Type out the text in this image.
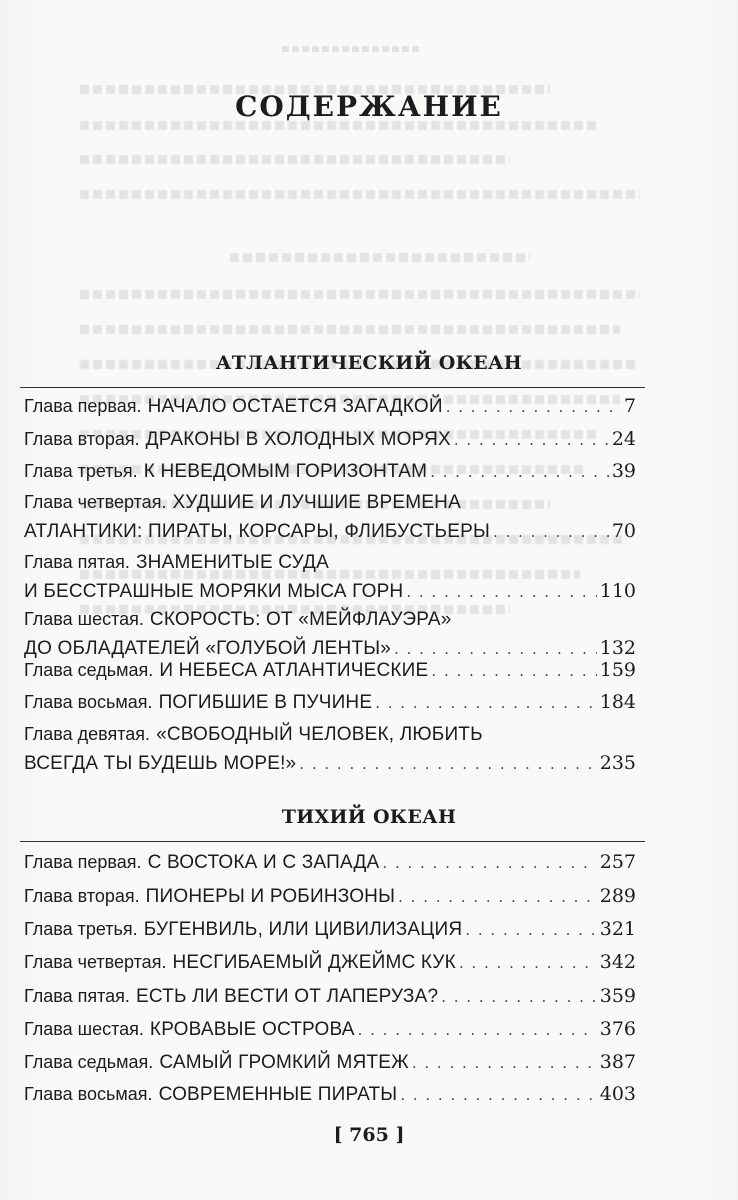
СОДЕРЖАНИЕ
АТЛАНТИЧЕСКИЙ ОКЕАН
Глава первая. НАЧАЛО ОСТАЕТСЯ ЗАГАДКОЙ . . .	7
Глава вторая. ДРАКОНЫ В ХОЛОДНЫХ МОРЯХ . . .	24
Глава третья. К НЕВЕДОМЫМ ГОРИЗОНТАМ . . .	39
Глава четвертая. ХУДШИЕ И ЛУЧШИЕ ВРЕМЕНА
АТЛАНТИКИ: ПИРАТЫ, КОРСАРЫ, ФЛИБУСТЬЕРЫ . . .	70
Глава пятая. ЗНАМЕНИТЫЕ СУДА
И БЕССТРАШНЫЕ МОРЯКИ МЫСА ГОРН . . .	110
Глава шестая. СКОРОСТЬ: ОТ «МЕЙФЛАУЭРА»
ДО ОБЛАДАТЕЛЕЙ «ГОЛУБОЙ ЛЕНТЫ» . . .	132
Глава седьмая. И НЕБЕСА АТЛАНТИЧЕСКИЕ . . .	159
Глава восьмая. ПОГИБШИЕ В ПУЧИНЕ . . .	184
Глава девятая. «СВОБОДНЫЙ ЧЕЛОВЕК, ЛЮБИТЬ
ВСЕГДА ТЫ БУДЕШЬ МОРЕ!» . . .	235
ТИХИЙ ОКЕАН
Глава первая. С ВОСТОКА И С ЗАПАДА . . .	257
Глава вторая. ПИОНЕРЫ И РОБИНЗОНЫ . . .	289
Глава третья. БУГЕНВИЛЬ, ИЛИ ЦИВИЛИЗАЦИЯ . . .	321
Глава четвертая. НЕСГИБАЕМЫЙ ДЖЕЙМС КУК . . .	342
Глава пятая. ЕСТЬ ЛИ ВЕСТИ ОТ ЛАПЕРУЗА? . . .	359
Глава шестая. КРОВАВЫЕ ОСТРОВА . . .	376
Глава седьмая. САМЫЙ ГРОМКИЙ МЯТЕЖ . . .	387
Глава восьмая. СОВРЕМЕННЫЕ ПИРАТЫ . . .	403
[ 765 ]
